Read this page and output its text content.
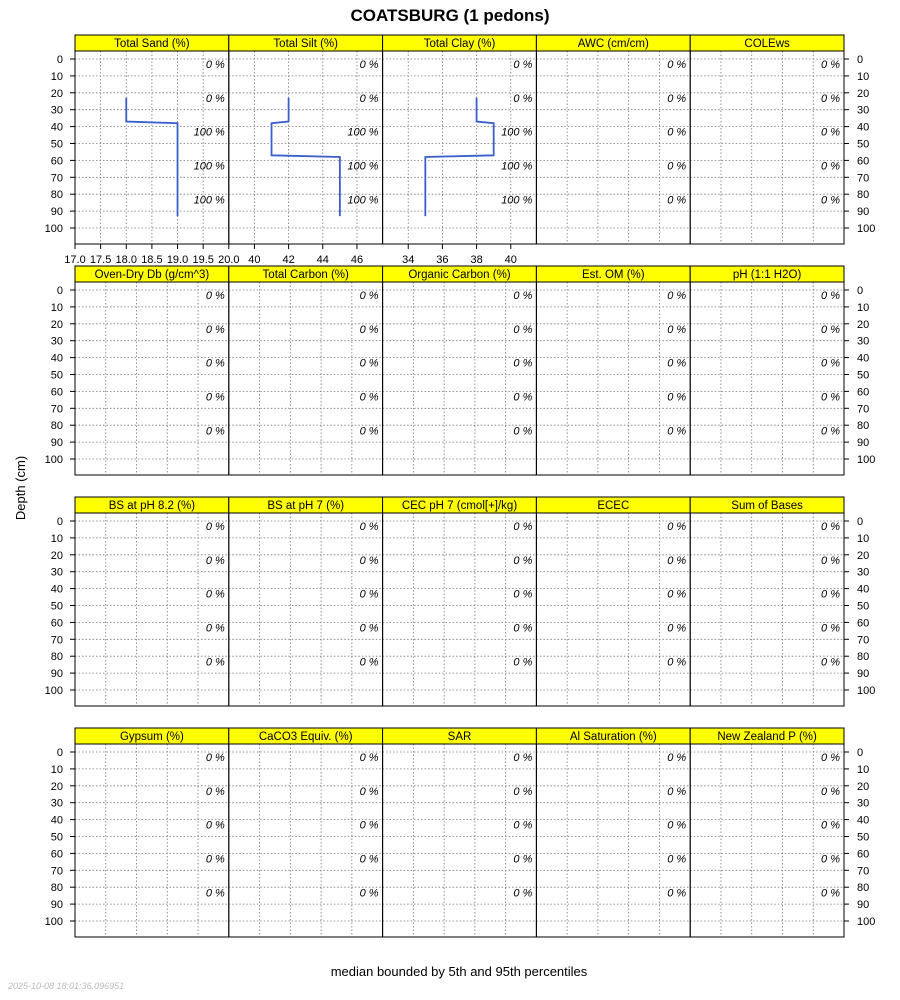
COATSBURG (1 pedons)
Total Sand (%)
0 %
0 %
100 %
100 %
100 %
17.0 17.5 18.0 18.5 19.0 19.5 20.0
0
10
20
30
40
50
60
70
80
90
100
Total Silt (%)
0 %
0 %
100 %
100 %
100 %
40 42 44 46
Total Clay (%)
0 %
0 %
100 %
100 %
100 %
34 36 38 40
AWC (cm/cm)
0 %
0 %
0 %
0 %
0 %
COLEws
0 %
0 %
0 %
0 %
0 %
0
10
20
30
40
50
60
70
80
90
100
Oven-Dry Db (g/cm^3)
0 %
0 %
0 %
0 %
0 %
0
10
20
30
40
50
60
70
80
90
100
Total Carbon (%)
0 %
0 %
0 %
0 %
0 %
Organic Carbon (%)
0 %
0 %
0 %
0 %
0 %
Est. OM (%)
0 %
0 %
0 %
0 %
0 %
pH (1:1 H2O)
0 %
0 %
0 %
0 %
0 %
0
10
20
30
40
50
60
70
80
90
100
BS at pH 8.2 (%)
0 %
0 %
0 %
0 %
0 %
0
10
20
30
40
50
60
70
80
90
100
BS at pH 7 (%)
0 %
0 %
0 %
0 %
0 %
CEC pH 7 (cmol[+]/kg)
0 %
0 %
0 %
0 %
0 %
ECEC
0 %
0 %
0 %
0 %
0 %
Sum of Bases
0 %
0 %
0 %
0 %
0 %
0
10
20
30
40
50
60
70
80
90
100
Gypsum (%)
0 %
0 %
0 %
0 %
0 %
0
10
20
30
40
50
60
70
80
90
100
CaCO3 Equiv. (%)
0 %
0 %
0 %
0 %
0 %
SAR
0 %
0 %
0 %
0 %
0 %
Al Saturation (%)
0 %
0 %
0 %
0 %
0 %
New Zealand P (%)
0 %
0 %
0 %
0 %
0 %
0
10
20
30
40
50
60
70
80
90
100
Depth (cm)
median bounded by 5th and 95th percentiles
2025-10-08 18:01:36.096951
